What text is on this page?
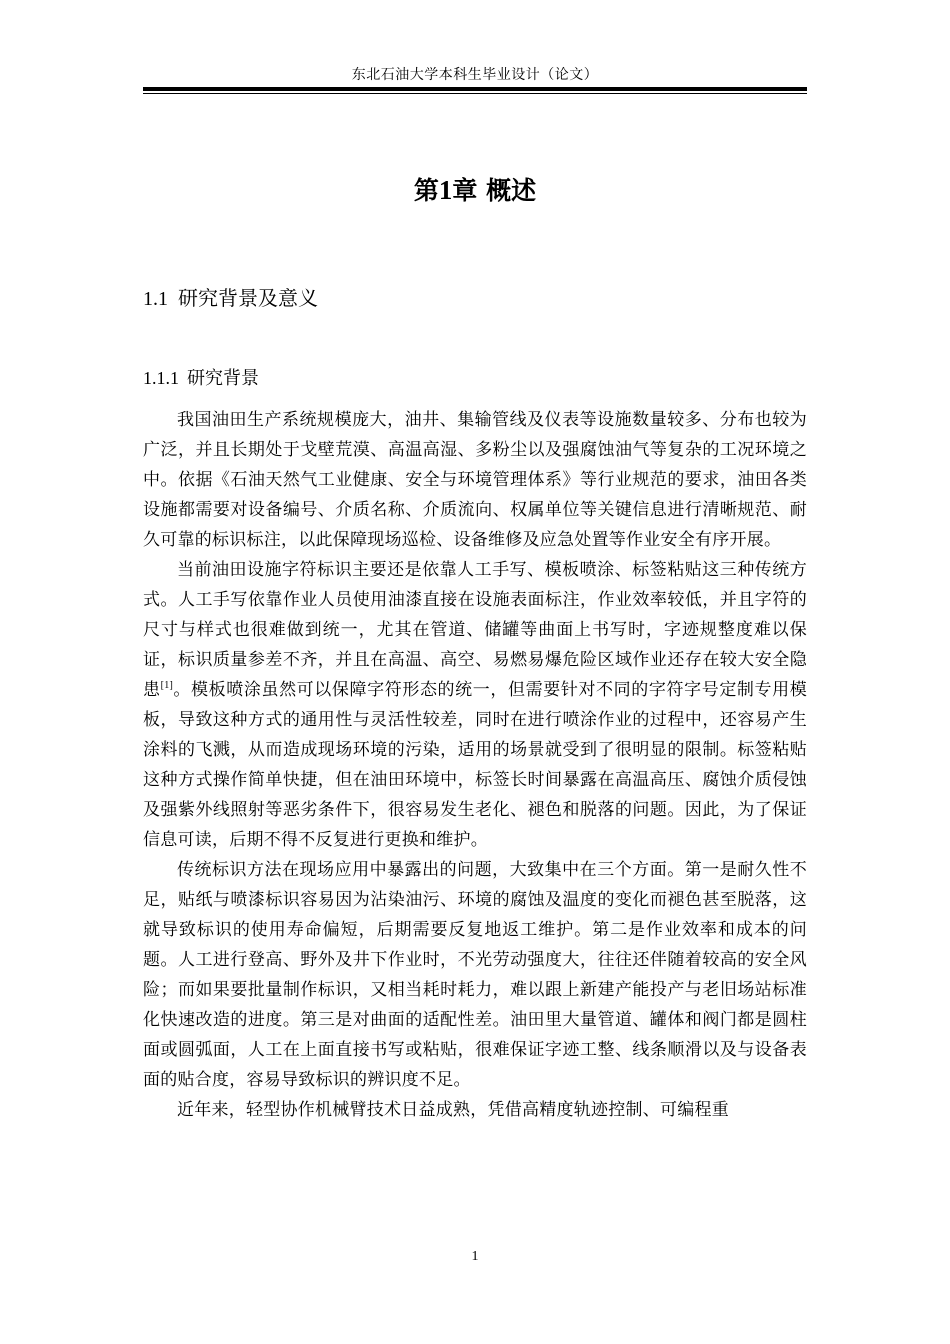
东北石油大学本科生毕业设计（论文）
第1章 概述
1.1 研究背景及意义
1.1.1 研究背景

我国油田生产系统规模庞大，油井、集输管线及仪表等设施数量较多、分布也较为广泛，并且长期处于戈壁荒漠、高温高湿、多粉尘以及强腐蚀油气等复杂的工况环境之中。依据《石油天然气工业健康、安全与环境管理体系》等行业规范的要求，油田各类设施都需要对设备编号、介质名称、介质流向、权属单位等关键信息进行清晰规范、耐久可靠的标识标注，以此保障现场巡检、设备维修及应急处置等作业安全有序开展。

当前油田设施字符标识主要还是依靠人工手写、模板喷涂、标签粘贴这三种传统方式。人工手写依靠作业人员使用油漆直接在设施表面标注，作业效率较低，并且字符的尺寸与样式也很难做到统一，尤其在管道、储罐等曲面上书写时，字迹规整度难以保证，标识质量参差不齐，并且在高温、高空、易燃易爆危险区域作业还存在较大安全隐患[1]。模板喷涂虽然可以保障字符形态的统一，但需要针对不同的字符字号定制专用模板，导致这种方式的通用性与灵活性较差，同时在进行喷涂作业的过程中，还容易产生涂料的飞溅，从而造成现场环境的污染，适用的场景就受到了很明显的限制。标签粘贴这种方式操作简单快捷，但在油田环境中，标签长时间暴露在高温高压、腐蚀介质侵蚀及强紫外线照射等恶劣条件下，很容易发生老化、褪色和脱落的问题。因此，为了保证信息可读，后期不得不反复进行更换和维护。

传统标识方法在现场应用中暴露出的问题，大致集中在三个方面。第一是耐久性不足，贴纸与喷漆标识容易因为沾染油污、环境的腐蚀及温度的变化而褪色甚至脱落，这就导致标识的使用寿命偏短，后期需要反复地返工维护。第二是作业效率和成本的问题。人工进行登高、野外及井下作业时，不光劳动强度大，往往还伴随着较高的安全风险；而如果要批量制作标识，又相当耗时耗力，难以跟上新建产能投产与老旧场站标准化快速改造的进度。第三是对曲面的适配性差。油田里大量管道、罐体和阀门都是圆柱面或圆弧面，人工在上面直接书写或粘贴，很难保证字迹工整、线条顺滑以及与设备表面的贴合度，容易导致标识的辨识度不足。

近年来，轻型协作机械臂技术日益成熟，凭借高精度轨迹控制、可编程重

1
